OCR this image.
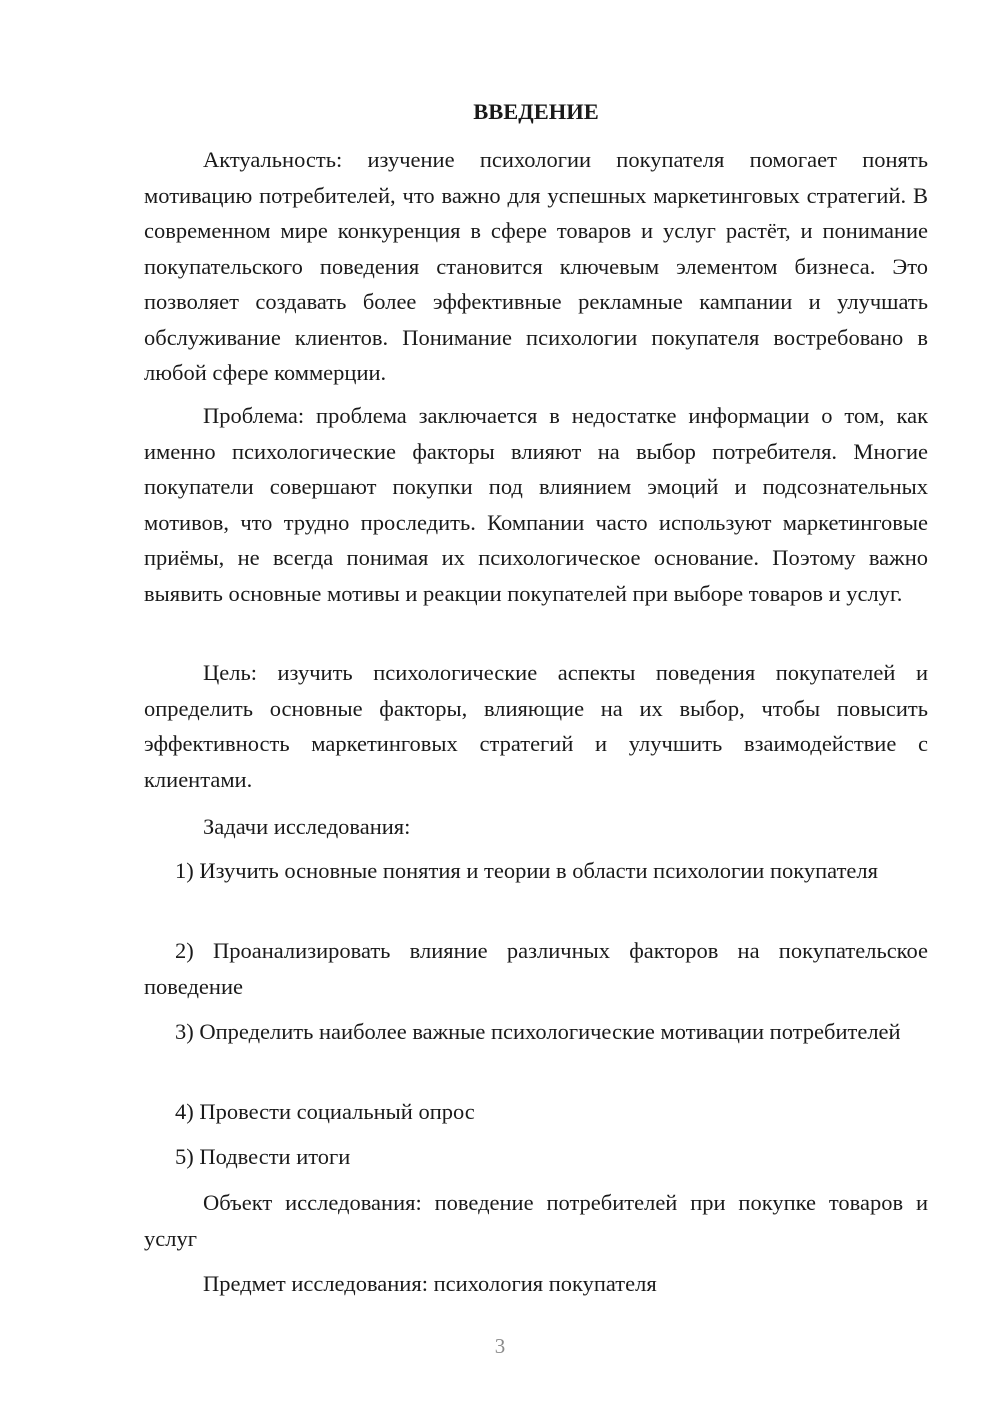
ВВЕДЕНИЕ

Актуальность: изучение психологии покупателя помогает понять мотивацию потребителей, что важно для успешных маркетинговых стратегий. В современном мире конкуренция в сфере товаров и услуг растёт, и понимание покупательского поведения становится ключевым элементом бизнеса. Это позволяет создавать более эффективные рекламные кампании и улучшать обслуживание клиентов. Понимание психологии покупателя востребовано в любой сфере коммерции.

Проблема: проблема заключается в недостатке информации о том, как именно психологические факторы влияют на выбор потребителя. Многие покупатели совершают покупки под влиянием эмоций и подсознательных мотивов, что трудно проследить. Компании часто используют маркетинговые приёмы, не всегда понимая их психологическое основание. Поэтому важно выявить основные мотивы и реакции покупателей при выборе товаров и услуг.

Цель: изучить психологические аспекты поведения покупателей и определить основные факторы, влияющие на их выбор, чтобы повысить эффективность маркетинговых стратегий и улучшить взаимодействие с клиентами.

Задачи исследования:

1) Изучить основные понятия и теории в области психологии покупателя

2) Проанализировать влияние различных факторов на покупательское поведение

3) Определить наиболее важные психологические мотивации потребителей

4) Провести социальный опрос

5) Подвести итоги

Объект исследования: поведение потребителей при покупке товаров и услуг

Предмет исследования: психология покупателя

3
